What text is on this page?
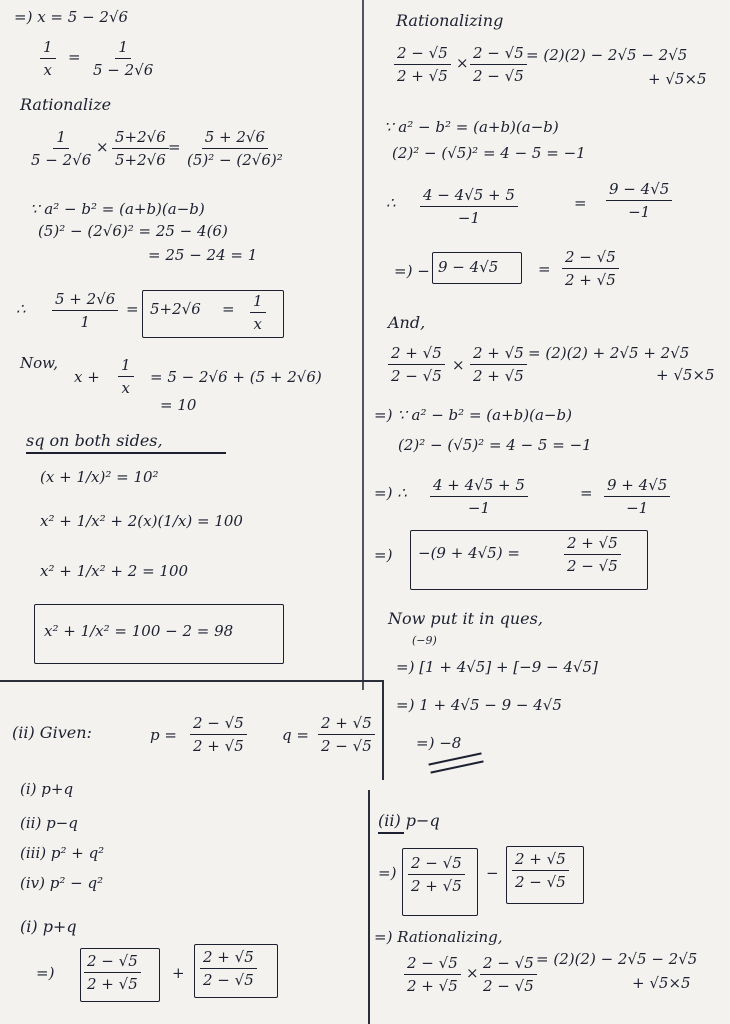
=) x = 5 − 2√6
$\frac{1}{x} = \frac{1}{5 - 2√6}$
Rationalize
$\frac{1}{5 - 2√6} \times \frac{5+2√6}{5+2√6} = \frac{5 + 2√6}{\text{(5)² − (2√6)²}}$
∵ a² − b² = (a+b)(a−b)
(5)² − (2√6)² = 25 − 4(6)
= 25 − 24 = 1
∴ $\frac{5 + 2√6}{1} = 5+2√6 = \frac{1}{x}$
Now,
$x + \frac{1}{x} = 5 - 2√6 + (5 + 2√6)$
= 10
sq on both sides,
(x + 1/x)² = 10²
x² + 1/x² + 2(x)(1/x) = 100
x² + 1/x² + 2 = 100
x² + 1/x² = 100 − 2 = 98
(ii) Given:	$p = \frac{2 - √5}{2 + √5}$ $q = \frac{2 + √5}{2 - √5}$
(i) p+q
(ii) p−q
(iii) p² + q²
(iv) p² − q²
(i) p+q
=) $\frac{2 - √5}{2 + √5} + \frac{2 + √5}{2 - √5}$
Rationalizing
$\frac{2 - √5}{2 + √5} \times \frac{2 - √5}{2 - √5} = (2)(2) - 2√5 - 2√5$
+ √5×5
∵ a² − b² = (a+b)(a−b)
(2)² − (√5)² = 4 − 5 = −1
∴ $\frac{4 - 4√5 + 5}{-1}$	= $\frac{9 - 4√5}{-1}$
=) − 9 − 4√5	= $\frac{2 - √5}{2 + √5}$
And,
$\frac{2 + √5}{2 - √5} \times \frac{2 + √5}{2 + √5} = (2)(2) + 2√5 + 2√5$
+ √5×5
=) ∵ a² − b² = (a+b)(a−b)
(2)² − (√5)² = 4 − 5 = −1
=) ∴ $\frac{4 + 4√5 + 5}{-1}$	= $\frac{9 + 4√5}{-1}$
=) −(9 + 4√5) =	$\frac{2 + √5}{2 - √5}$
Now put it in ques,
(−9)
=) [1 + 4√5] + [−9 − 4√5]
=) 1 + 4√5 − 9 − 4√5
=) −8
(ii) p−q
=) $\frac{2 - √5}{2 + √5} - \frac{2 + √5}{2 - √5}$
=) Rationalizing,
$\frac{2 - √5}{2 + √5} \times \frac{2 - √5}{2 - √5} = (2)(2) - 2√5 - 2√5$
+ √5×5
